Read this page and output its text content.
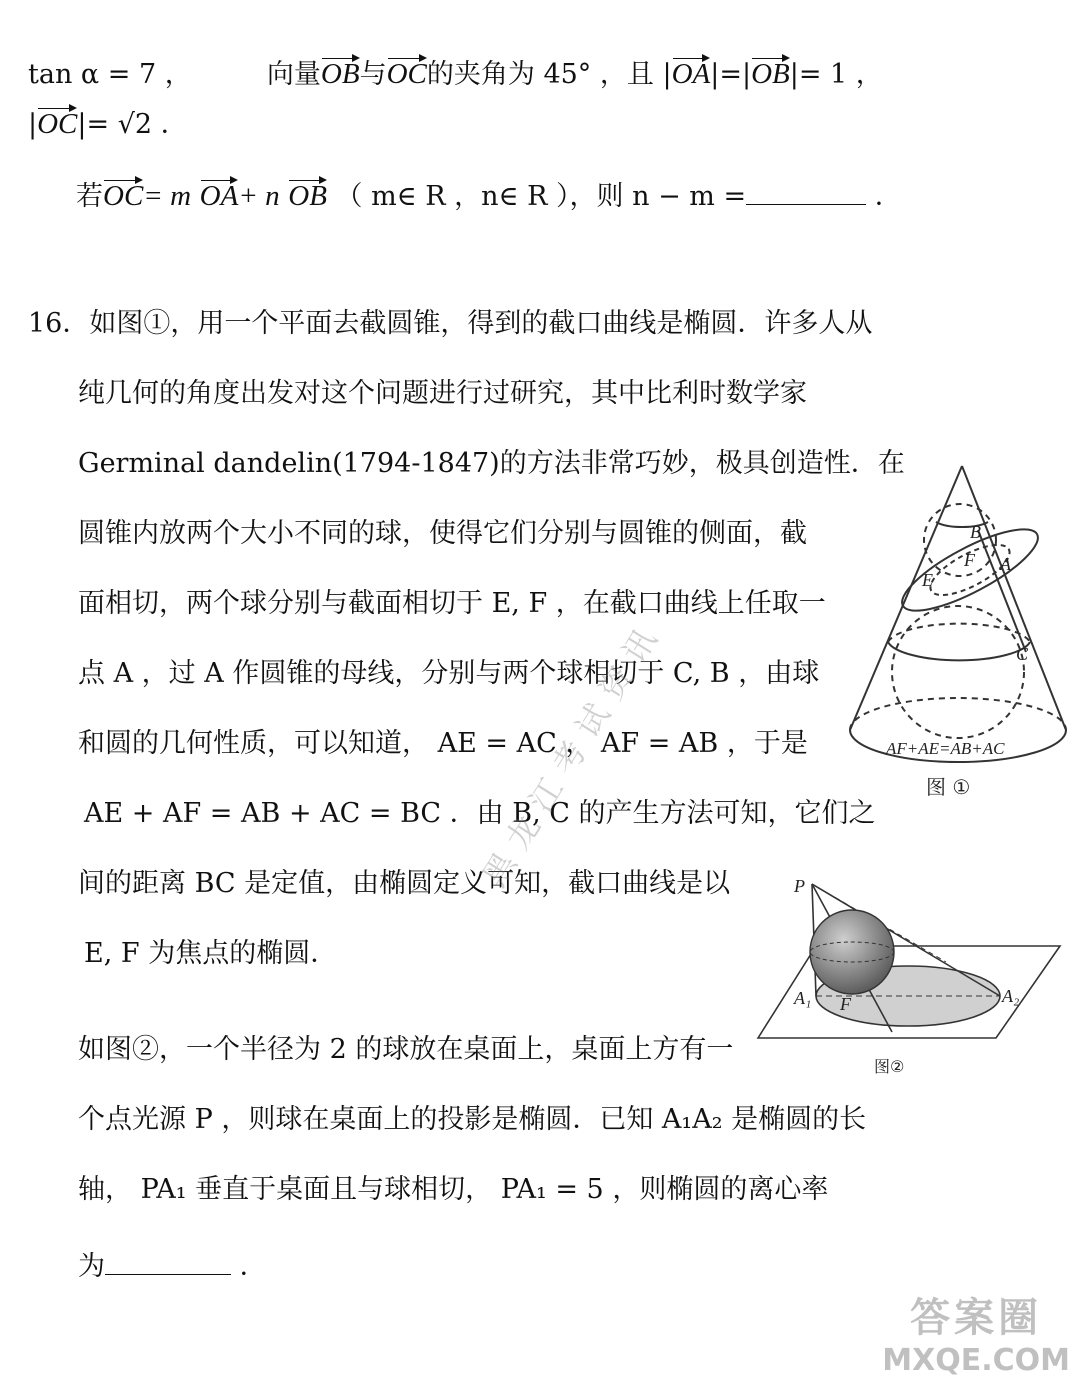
tan α = 7 ，	向量OB与OC的夹角为 45° ，且 |OA|=|OB|= 1 ，
|OC|= √2 ．
若OC= m OA+ n OB （ m∈ R ，n∈ R ），则 n − m =	．
16．如图①，用一个平面去截圆锥，得到的截口曲线是椭圆．许多人从
纯几何的角度出发对这个问题进行过研究，其中比利时数学家
Germinal dandelin(1794-1847)的方法非常巧妙，极具创造性．在
圆锥内放两个大小不同的球，使得它们分别与圆锥的侧面，截
面相切，两个球分别与截面相切于 E, F ，在截口曲线上任取一
点 A ，过 A 作圆锥的母线，分别与两个球相切于 C, B ，由球
和圆的几何性质，可以知道， AE = AC ， AF = AB ，于是
AE + AF = AB + AC = BC ．由 B, C 的产生方法可知，它们之
间的距离 BC 是定值，由椭圆定义可知，截口曲线是以
E, F 为焦点的椭圆．
如图②，一个半径为 2 的球放在桌面上，桌面上方有一
个点光源 P ，则球在桌面上的投影是椭圆．已知 A₁A₂ 是椭圆的长
轴， PA₁ 垂直于桌面且与球相切， PA₁ = 5 ，则椭圆的离心率
为	．
黑龙江考试资讯
B
F A
E
C
AF+AE=AB+AC
图 ①
P
A₁ F	A₂
图②
答案圈
MXQE.COM
